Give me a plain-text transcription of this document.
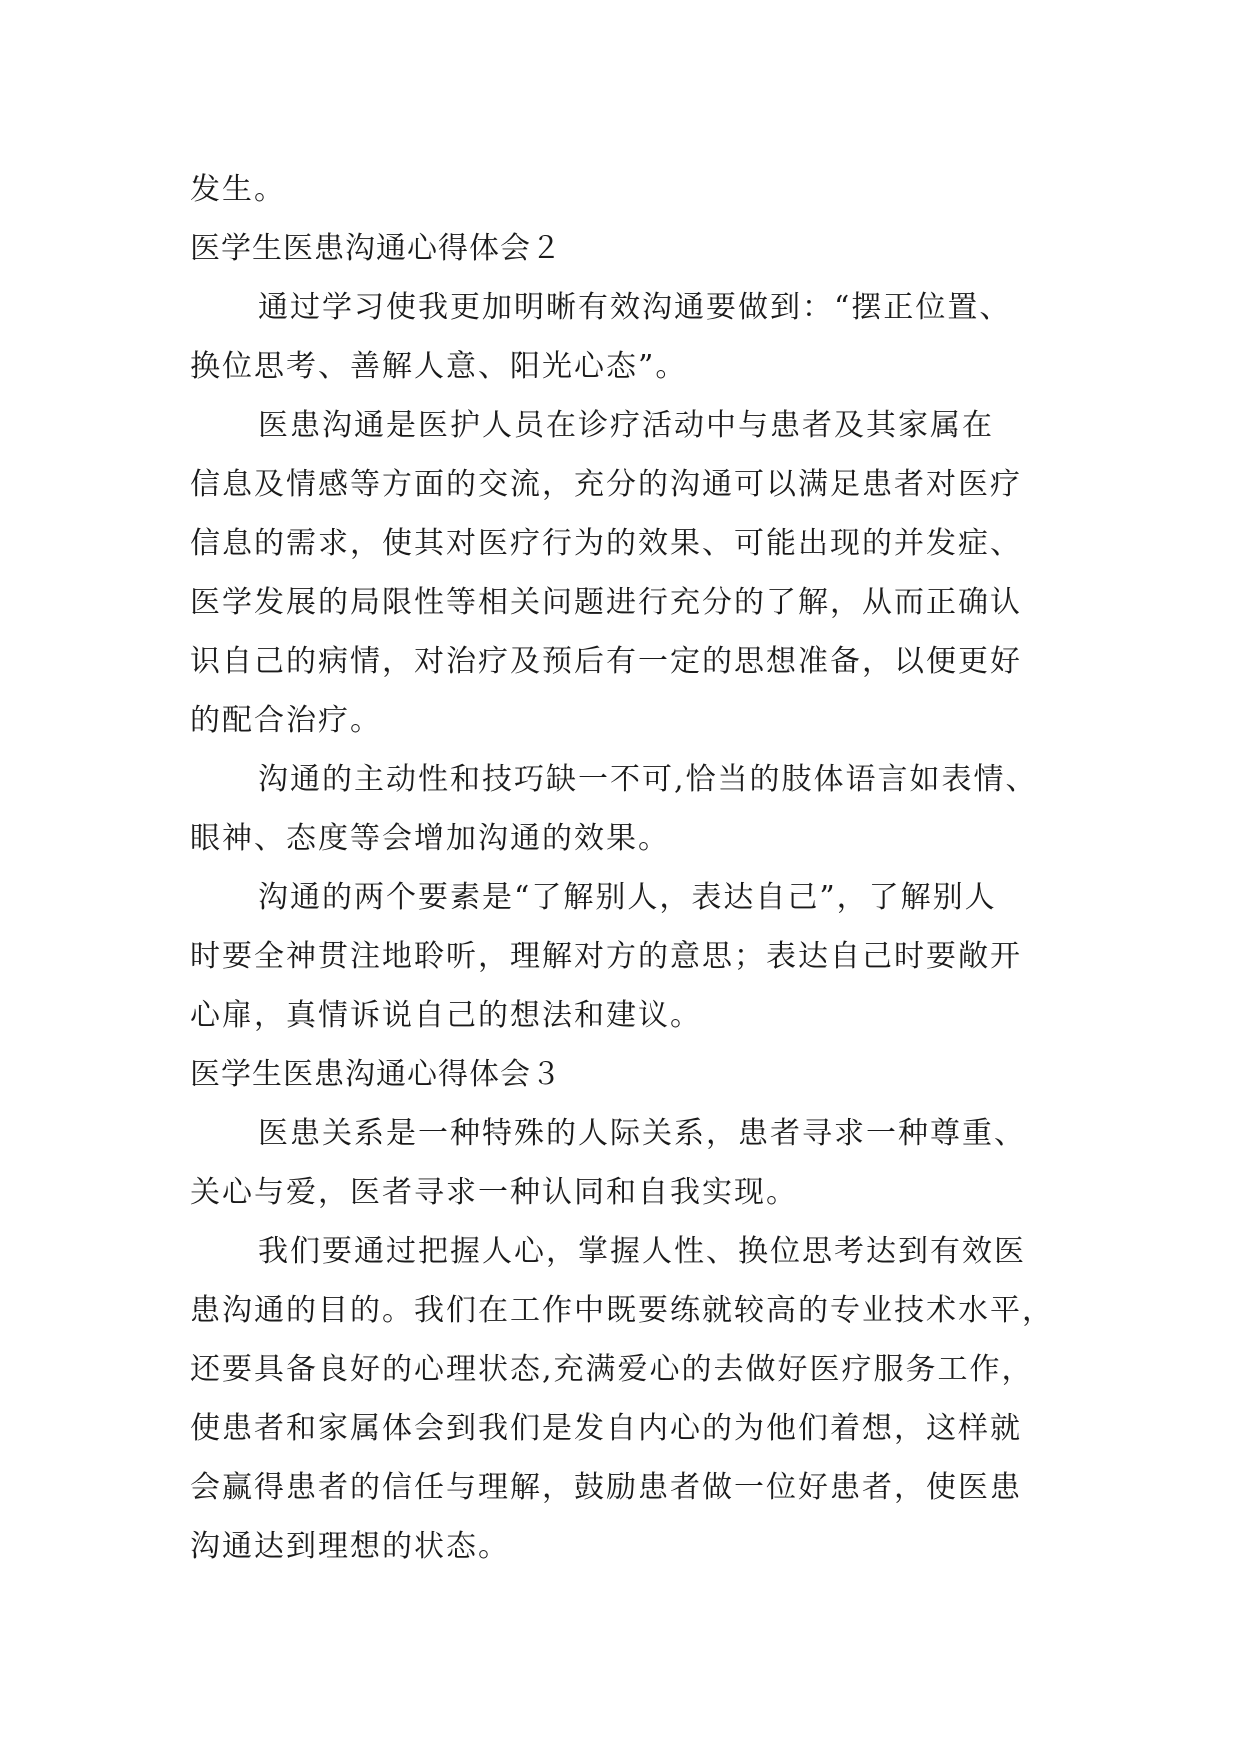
发生。
医学生医患沟通心得体会２
通过学习使我更加明晰有效沟通要做到：“摆正位置、
换位思考、善解人意、阳光心态”。
医患沟通是医护人员在诊疗活动中与患者及其家属在
信息及情感等方面的交流，充分的沟通可以满足患者对医疗
信息的需求，使其对医疗行为的效果、可能出现的并发症、
医学发展的局限性等相关问题进行充分的了解，从而正确认
识自己的病情，对治疗及预后有一定的思想准备，以便更好
的配合治疗。
沟通的主动性和技巧缺一不可,恰当的肢体语言如表情、
眼神、态度等会增加沟通的效果。
沟通的两个要素是“了解别人，表达自己”，了解别人
时要全神贯注地聆听，理解对方的意思；表达自己时要敞开
心扉，真情诉说自己的想法和建议。
医学生医患沟通心得体会３
医患关系是一种特殊的人际关系，患者寻求一种尊重、
关心与爱，医者寻求一种认同和自我实现。
我们要通过把握人心，掌握人性、换位思考达到有效医
患沟通的目的。我们在工作中既要练就较高的专业技术水平，
还要具备良好的心理状态,充满爱心的去做好医疗服务工作，
使患者和家属体会到我们是发自内心的为他们着想，这样就
会赢得患者的信任与理解，鼓励患者做一位好患者，使医患
沟通达到理想的状态。
